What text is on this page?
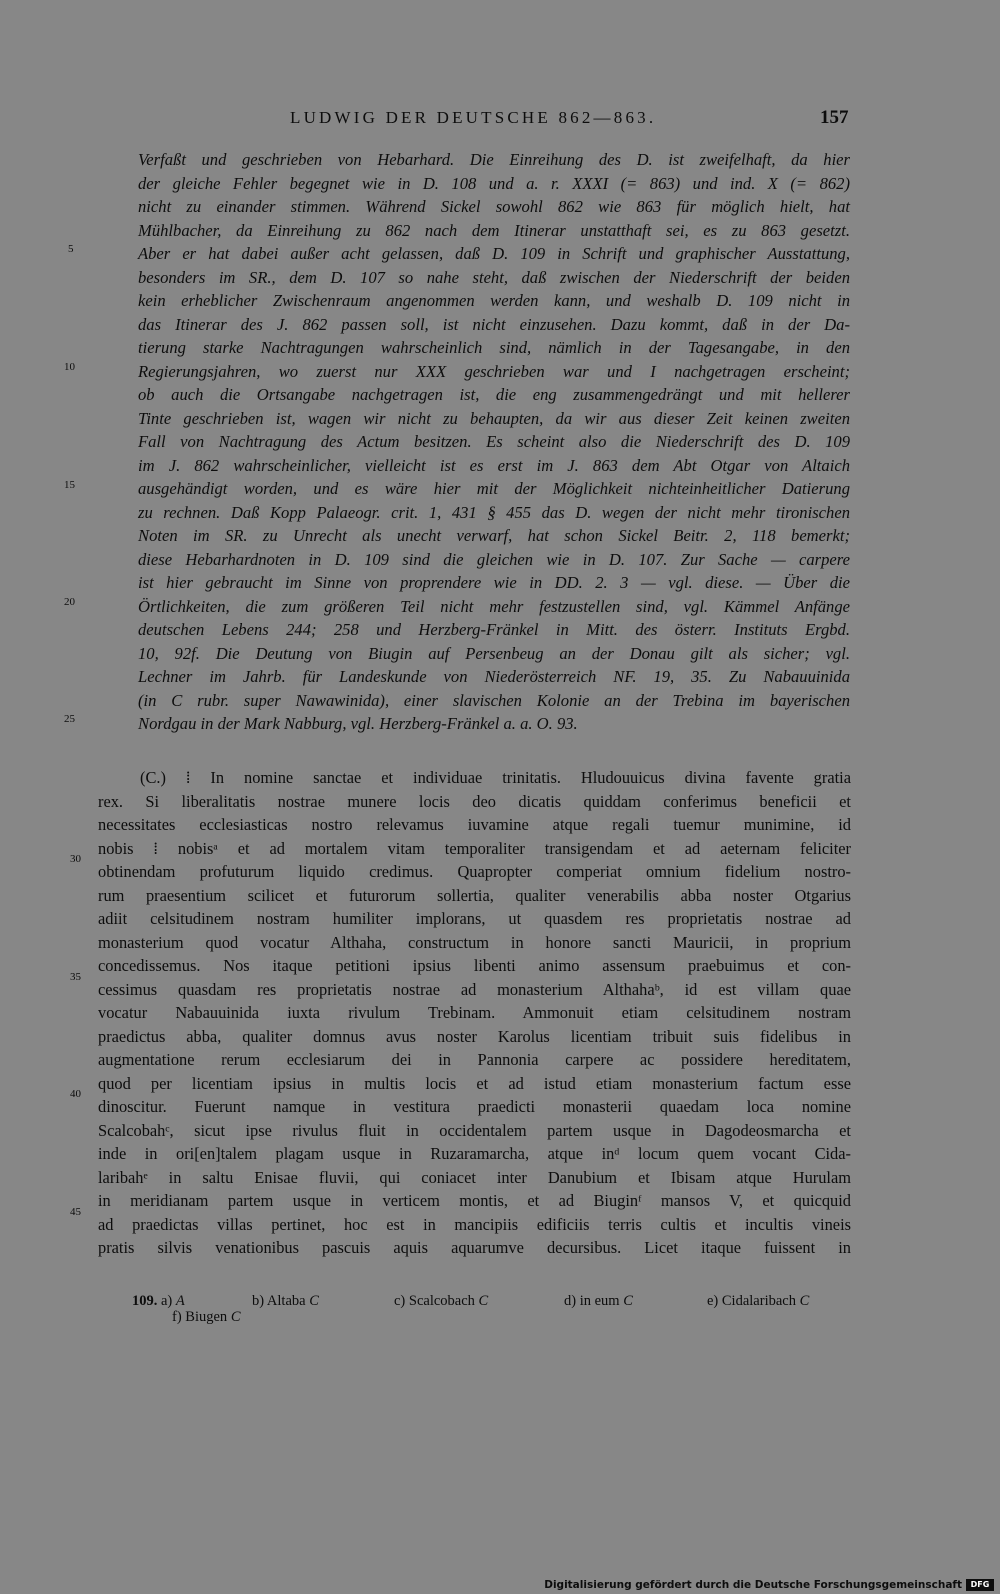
LUDWIG DER DEUTSCHE 862—863.	157
Verfaßt und geschrieben von Hebarhard. Die Einreihung des D. ist zweifelhaft, da hier
der gleiche Fehler begegnet wie in D. 108 und a. r. XXXI (= 863) und ind. X (= 862)
nicht zu einander stimmen. Während Sickel sowohl 862 wie 863 für möglich hielt, hat
Mühlbacher, da Einreihung zu 862 nach dem Itinerar unstatthaft sei, es zu 863 gesetzt.
Aber er hat dabei außer acht gelassen, daß D. 109 in Schrift und graphischer Ausstattung,
besonders im SR., dem D. 107 so nahe steht, daß zwischen der Niederschrift der beiden
kein erheblicher Zwischenraum angenommen werden kann, und weshalb D. 109 nicht in
das Itinerar des J. 862 passen soll, ist nicht einzusehen. Dazu kommt, daß in der Da-
tierung starke Nachtragungen wahrscheinlich sind, nämlich in der Tagesangabe, in den
Regierungsjahren, wo zuerst nur XXX geschrieben war und I nachgetragen erscheint;
ob auch die Ortsangabe nachgetragen ist, die eng zusammengedrängt und mit hellerer
Tinte geschrieben ist, wagen wir nicht zu behaupten, da wir aus dieser Zeit keinen zweiten
Fall von Nachtragung des Actum besitzen. Es scheint also die Niederschrift des D. 109
im J. 862 wahrscheinlicher, vielleicht ist es erst im J. 863 dem Abt Otgar von Altaich
ausgehändigt worden, und es wäre hier mit der Möglichkeit nichteinheitlicher Datierung
zu rechnen. Daß Kopp Palaeogr. crit. 1, 431 § 455 das D. wegen der nicht mehr tironischen
Noten im SR. zu Unrecht als unecht verwarf, hat schon Sickel Beitr. 2, 118 bemerkt;
diese Hebarhardnoten in D. 109 sind die gleichen wie in D. 107. Zur Sache — carpere
ist hier gebraucht im Sinne von proprendere wie in DD. 2. 3 — vgl. diese. — Über die
Örtlichkeiten, die zum größeren Teil nicht mehr festzustellen sind, vgl. Kämmel Anfänge
deutschen Lebens 244; 258 und Herzberg-Fränkel in Mitt. des österr. Instituts Ergbd.
10, 92f. Die Deutung von Biugin auf Persenbeug an der Donau gilt als sicher; vgl.
Lechner im Jahrb. für Landeskunde von Niederösterreich NF. 19, 35. Zu Nabauuinida
(in C rubr. super Nawawinida), einer slavischen Kolonie an der Trebina im bayerischen
Nordgau in der Mark Nabburg, vgl. Herzberg-Fränkel a. a. O. 93.
5
10
15
20
25
(C.) ⁞ In nomine sanctae et individuae trinitatis. Hludouuicus divina favente gratia
rex. Si liberalitatis nostrae munere locis deo dicatis quiddam conferimus beneficii et
necessitates ecclesiasticas nostro relevamus iuvamine atque regali tuemur munimine, id
nobis ⁞ nobisᵃ et ad mortalem vitam temporaliter transigendam et ad aeternam feliciter
obtinendam profuturum liquido credimus. Quapropter comperiat omnium fidelium nostro-
rum praesentium scilicet et futurorum sollertia, qualiter venerabilis abba noster Otgarius
adiit celsitudinem nostram humiliter implorans, ut quasdem res proprietatis nostrae ad
monasterium quod vocatur Althaha, constructum in honore sancti Mauricii, in proprium
concedissemus. Nos itaque petitioni ipsius libenti animo assensum praebuimus et con-
cessimus quasdam res proprietatis nostrae ad monasterium Althahaᵇ, id est villam quae
vocatur Nabauuinida iuxta rivulum Trebinam. Ammonuit etiam celsitudinem nostram
praedictus abba, qualiter domnus avus noster Karolus licentiam tribuit suis fidelibus in
augmentatione rerum ecclesiarum dei in Pannonia carpere ac possidere hereditatem,
quod per licentiam ipsius in multis locis et ad istud etiam monasterium factum esse
dinoscitur. Fuerunt namque in vestitura praedicti monasterii quaedam loca nomine
Scalcobahᶜ, sicut ipse rivulus fluit in occidentalem partem usque in Dagodeosmarcha et
inde in ori[en]talem plagam usque in Ruzaramarcha, atque inᵈ locum quem vocant Cida-
laribahᵉ in saltu Enisae fluvii, qui coniacet inter Danubium et Ibisam atque Hurulam
in meridianam partem usque in verticem montis, et ad Biuginᶠ mansos V, et quicquid
ad praedictas villas pertinet, hoc est in mancipiis edificiis terris cultis et incultis vineis
pratis silvis venationibus pascuis aquis aquarumve decursibus. Licet itaque fuissent in
30
35
40
45
109. a) A	b) Altaba C	c) Scalcobach C	d) in eum C	e) Cidalaribach C
f) Biugen C
Digitalisierung gefördert durch die Deutsche Forschungsgemeinschaft	DFG
